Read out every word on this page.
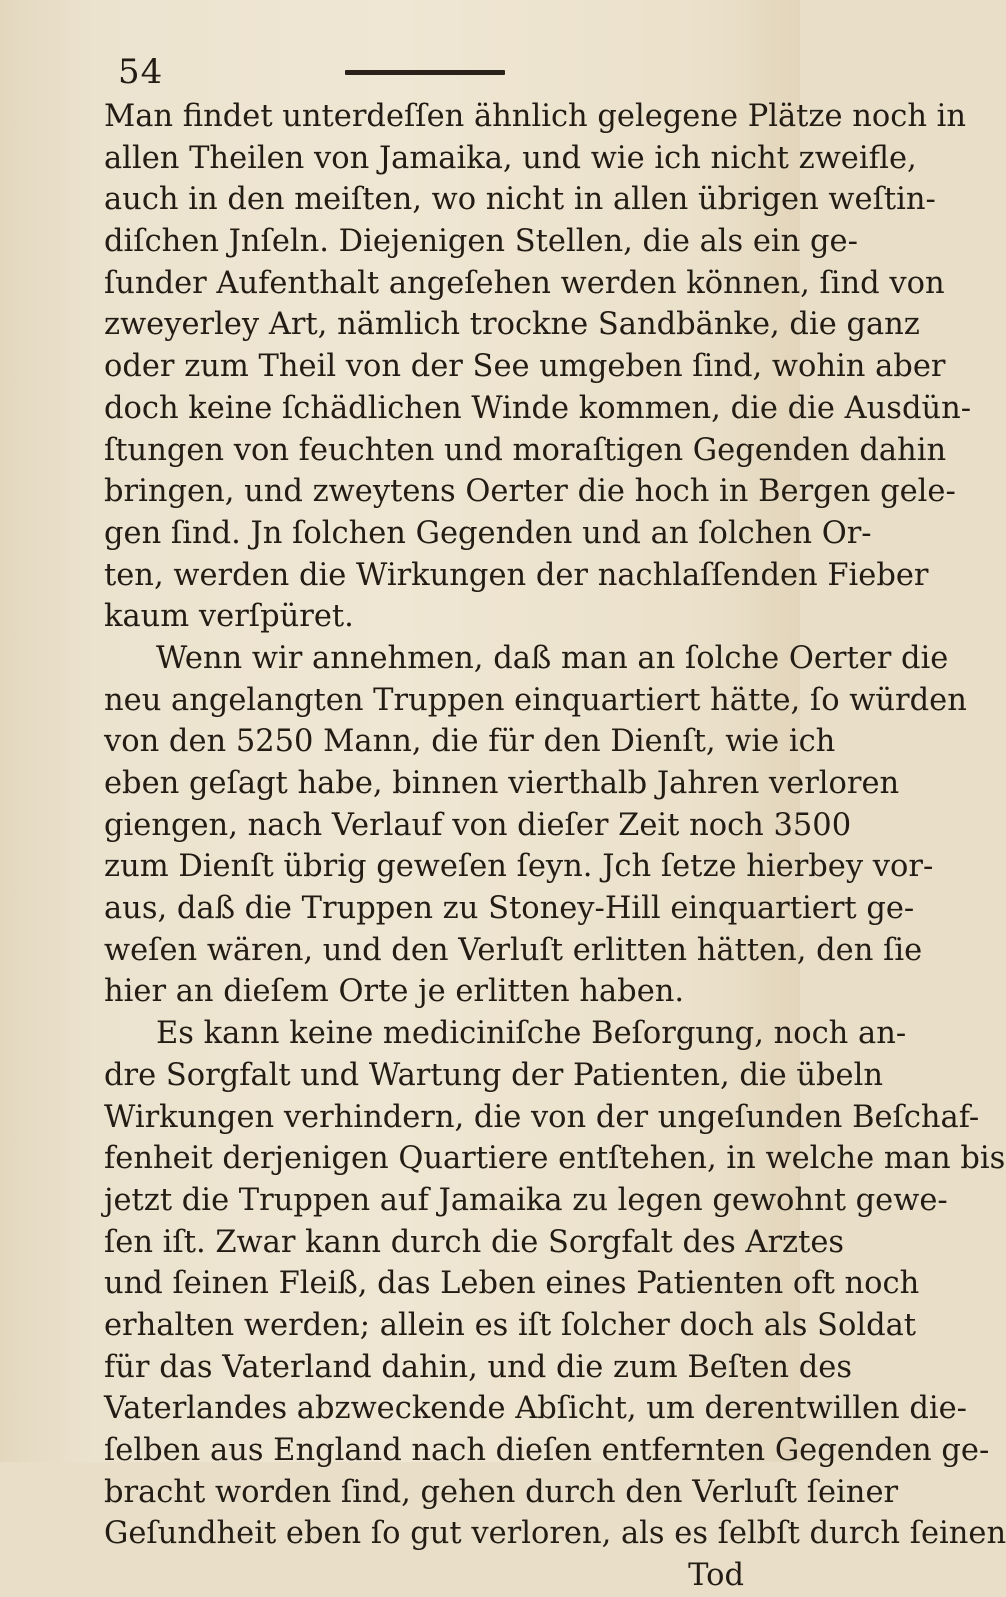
54
Man findet unterdeſſen ähnlich gelegene Plätze noch in
allen Theilen von Jamaika, und wie ich nicht zweifle,
auch in den meiſten, wo nicht in allen übrigen weſtin-
diſchen Jnſeln. Diejenigen Stellen, die als ein ge-
ſunder Aufenthalt angeſehen werden können, ſind von
zweyerley Art, nämlich trockne Sandbänke, die ganz
oder zum Theil von der See umgeben ſind, wohin aber
doch keine ſchädlichen Winde kommen, die die Ausdün-
ſtungen von feuchten und moraſtigen Gegenden dahin
bringen, und zweytens Oerter die hoch in Bergen gele-
gen ſind. Jn ſolchen Gegenden und an ſolchen Or-
ten, werden die Wirkungen der nachlaſſenden Fieber
kaum verſpüret.
Wenn wir annehmen, daß man an ſolche Oerter die
neu angelangten Truppen einquartiert hätte, ſo würden
von den 5250 Mann, die für den Dienſt, wie ich
eben geſagt habe, binnen vierthalb Jahren verloren
giengen, nach Verlauf von dieſer Zeit noch 3500
zum Dienſt übrig geweſen ſeyn. Jch ſetze hierbey vor-
aus, daß die Truppen zu Stoney-Hill einquartiert ge-
weſen wären, und den Verluſt erlitten hätten, den ſie
hier an dieſem Orte je erlitten haben.
Es kann keine mediciniſche Beſorgung, noch an-
dre Sorgfalt und Wartung der Patienten, die übeln
Wirkungen verhindern, die von der ungeſunden Beſchaf-
fenheit derjenigen Quartiere entſtehen, in welche man bis
jetzt die Truppen auf Jamaika zu legen gewohnt gewe-
ſen iſt. Zwar kann durch die Sorgfalt des Arztes
und ſeinen Fleiß, das Leben eines Patienten oft noch
erhalten werden; allein es iſt ſolcher doch als Soldat
für das Vaterland dahin, und die zum Beſten des
Vaterlandes abzweckende Abſicht, um derentwillen die-
ſelben aus England nach dieſen entfernten Gegenden ge-
bracht worden ſind, gehen durch den Verluſt ſeiner
Geſundheit eben ſo gut verloren, als es ſelbſt durch ſeinen
Tod
